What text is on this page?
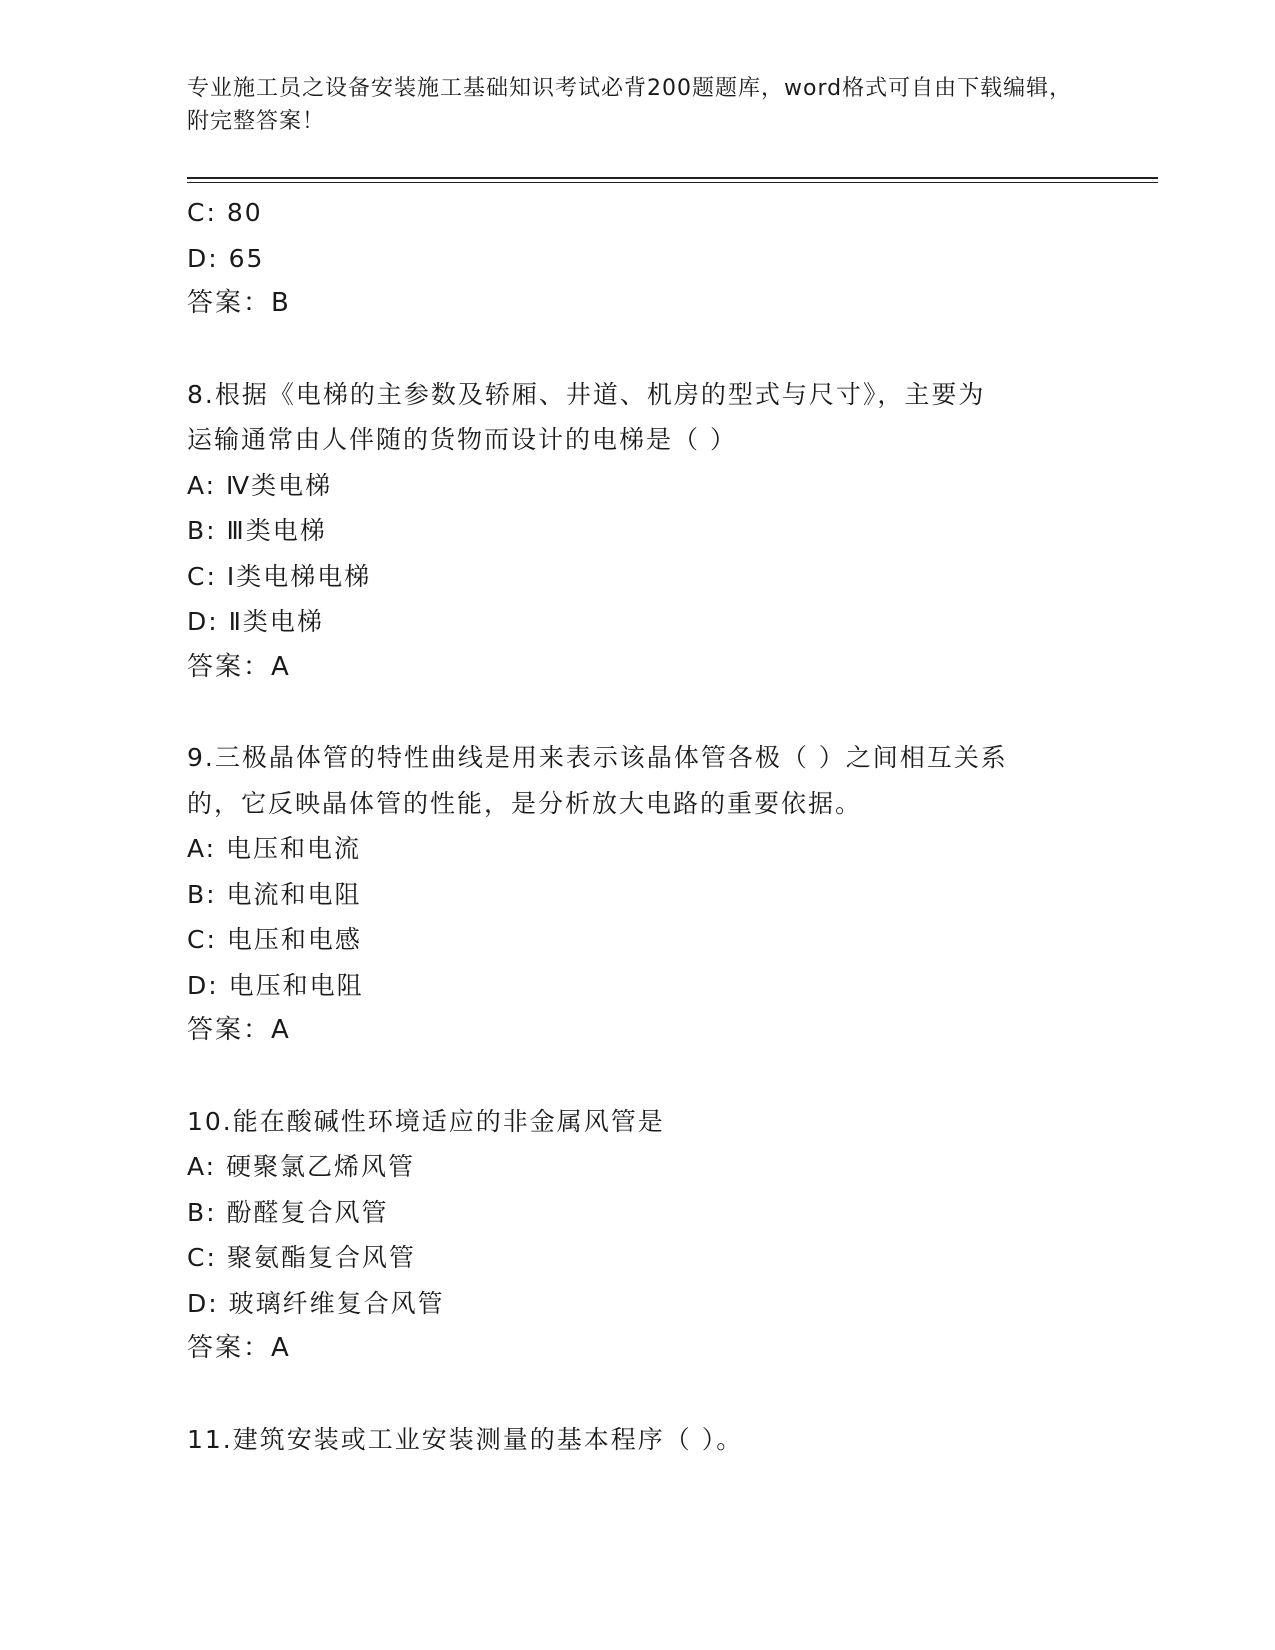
专业施工员之设备安装施工基础知识考试必背200题题库，word格式可自由下载编辑，附完整答案！
C: 80
D: 65
答案：B
8.根据《电梯的主参数及轿厢、井道、机房的型式与尺寸》，主要为
运输通常由人伴随的货物而设计的电梯是（ ）
A: Ⅳ类电梯
B: Ⅲ类电梯
C: Ⅰ类电梯电梯
D: Ⅱ类电梯
答案：A
9.三极晶体管的特性曲线是用来表示该晶体管各极（ ）之间相互关系
的，它反映晶体管的性能，是分析放大电路的重要依据。
A: 电压和电流
B: 电流和电阻
C: 电压和电感
D: 电压和电阻
答案：A
10.能在酸碱性环境适应的非金属风管是
A: 硬聚氯乙烯风管
B: 酚醛复合风管
C: 聚氨酯复合风管
D: 玻璃纤维复合风管
答案：A
11.建筑安装或工业安装测量的基本程序（ ）。
